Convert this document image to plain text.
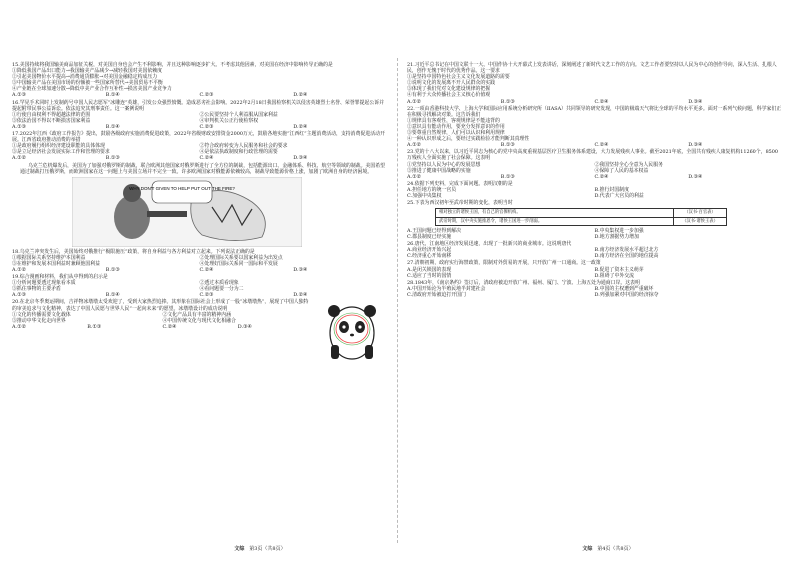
15.美国持续将我国输美商品加征关税，对美国自身也会产生不利影响，并且这种影响逐步扩大。不考虑其他因素，对美国在经济中影响传导正确的是
①降低我国产品出口能力→我国输美产品减少→减轻我国对美国依赖度
②引起美国物价水平提高→消费通货膨胀→对美国金融稳定构成压力
③中国输美产品在美国市场的份额被一些国家所替代→美国贸易不平衡
④产业链在全球加速分散→降低中美产业合作互补性→损害美国产业竞争力
A.①③	B.①④	C.②③	D.②④
16.罕见手术同时上发制药号中国人民志愿军“冰雕连”英雄，引发公众强烈愤慨。造成恶劣社会影响。2022年2月18日我国检察机关以侵害英雄烈士名誉、荣誉罪提起公诉并提起附带民事公益诉讼。依法追究其刑事责任。这一案例说明
①行使自由权利不得超越法律的范围	②公民要坚持个人利益服从国家利益
③依法治国不得以不断损害国家利益	④审判机关公正行使检察权
A.①③	B.①④	C.②③	D.②④
17.2022年江西《政府工作报告》提出，鼓励各级政府实施消费促进政策，2022年省级财政安排资金2000万元，鼓励各地实施“江西红”主题消费活动，支持消费促进活动开展。江西省政府推动消费的举措
①是政府履行组织经济建设职能的具体体现	②符合政府转变为人民服务和社会的要求
③是立足经济社会发展实际工作和管理的要求	④是依法执政制度和行政管理的需要
A.①②	B.①③	C.②④	D.③④
乌克兰危机爆发后，美国为了加强对俄罗斯的制裁，联合欧洲其他国家对俄罗斯进行了全方位的制裁，包括能源出口、金融体系、科技、航空等领域的制裁。美国希望通过制裁打压俄罗斯，而欧洲国家在这一问题上与美国立场并不完全一致。许多欧洲国家对俄能源依赖较高，制裁导致能源价格上涨，加剧了欧洲自身的经济困境。
WHY DON'T GIVEN TO HELP PUT OUT THE FIRE?
18.乌克兰冲突发生后，美国始终对俄推行“极限施压”政策，将自身利益与各方利益对立起来。下列说法正确的是
①根据国际关系坚持维护本国利益	②处理国际关系要以国家利益为出发点
③在维护和发展本国利益时兼顾他国利益	④处理好国际关系同一国际和平发展
A.①②	B.①③	C.②④	D.③④
19.综合漫画和材料，我们从中得到的启示是
①分析问题要透过现象看本质	②透过本质看现象
③抓住事物的主要矛盾	④看问题要一分为二
A.①③	B.①④	C.②③	D.②④
20.在北京冬季奥运期间，吉祥物冰墩墩太受欢迎了，受到大家热烈追捧。其形象在国际社会上形成了一股“冰墩墩热”，展现了中国人独特的审美追求与文化精神，表达了中国人民愿与世界人民“一起向未来”的愿望。冰墩墩设计的成功说明
①文化的传播需要文化载体	②文化产品具有丰富的精神内涵
③推动中华文化走向世界	④中国传统文化与现代文化相融合
A.①②	B.①③	C.②④	D.③④
21.习近平总书记在中国文联十一大、中国作协十大开幕式上发表讲话，深刻阐述了新时代文艺工作的方向。文艺工作者要坚持以人民为中心的创作导向，深入生活、扎根人民，创作无愧于时代的优秀作品。这一要求
①是坚持中国特色社会主义文化发展道路的需要
②说明文化的发展离不开人民群众的实践
③体现了我们党对文化建设规律的把握
④有利于大众传播社会主义核心价值观
A.①②	B.①③	C.②④	D.③④
22.一项由香港科技大学、上海大学和国际应用系统分析研究所（IIASA）共同领导的研究发现，中国的极端天气将比全球的平均水平更多。面对一系列气候问题，科学家们正在积极寻找解决对策。这告诉我们
①规律具有客观性，客观规律是不能违背的
②意识具有能动作用，要充分发挥意识的作用
③要尊重自然规律，人们可以认识和利用规律
④一种认识形成之后，要经过实践检验才能判断其真理性
A.①②	B.①③	C.②④	D.③④
23.党的十八大以来，以习近平同志为核心的党中央高度重视基层医疗卫生服务体系建设，大力发展残疾人事业。截至2021年底，全国共有残疾人康复机构11260个，8500万残疾人全面实施了社会保障。这表明
①党坚持以人民为中心的发展思想	②我国坚持全心全意为人民服务
③推进了健康中国战略的实施	④保障了人民的基本权益
A.①②	B.①③	C.②④	D.③④
24.依据下列史料，完成下面问题。表明汉朝的是
A.担任地方的统一官员	B.推行封国制度
C.加强中央集权	D.代表广大官员的利益
25.下表为西汉初年至武帝时期的变化，表明当时
相对独立的诸侯王国，有自己的官僚机构。	（汉书·百官表）
武帝时期，汉中央实施推恩令，诸侯王国进一步削弱。	（汉书·诸侯王表）
A.王国问题已经得到解决	B.中央集权进一步加强
C.郡县制度已经实施	D.地方割据势力增加
26.唐代，江南地区经济发展迅速，出现了一批新兴的商业城市。这说明唐代
A.商业经济开始兴起	B.南方经济发展水平超过北方
C.经济重心开始南移	D.南方经济在全国的地位提高
27.清朝初期，政府实行海禁政策，限制对外贸易的开展，只开放广州一口通商。这一政策
A.是闭关锁国的表现	B.促进了资本主义萌芽
C.适应了当时的国情	D.阻碍了中外交流
28.1843年，《南京条约》签订后，清政府被迫开放广州、福州、厦门、宁波、上海五处为通商口岸。这表明
A.中国开始沦为半殖民地半封建社会	B.中国的主权遭到严重破坏
C.清政府开始被迫打开国门	D.列强加紧对中国的经济掠夺
文综 第3页（共8页）	文综 第4页（共8页）
